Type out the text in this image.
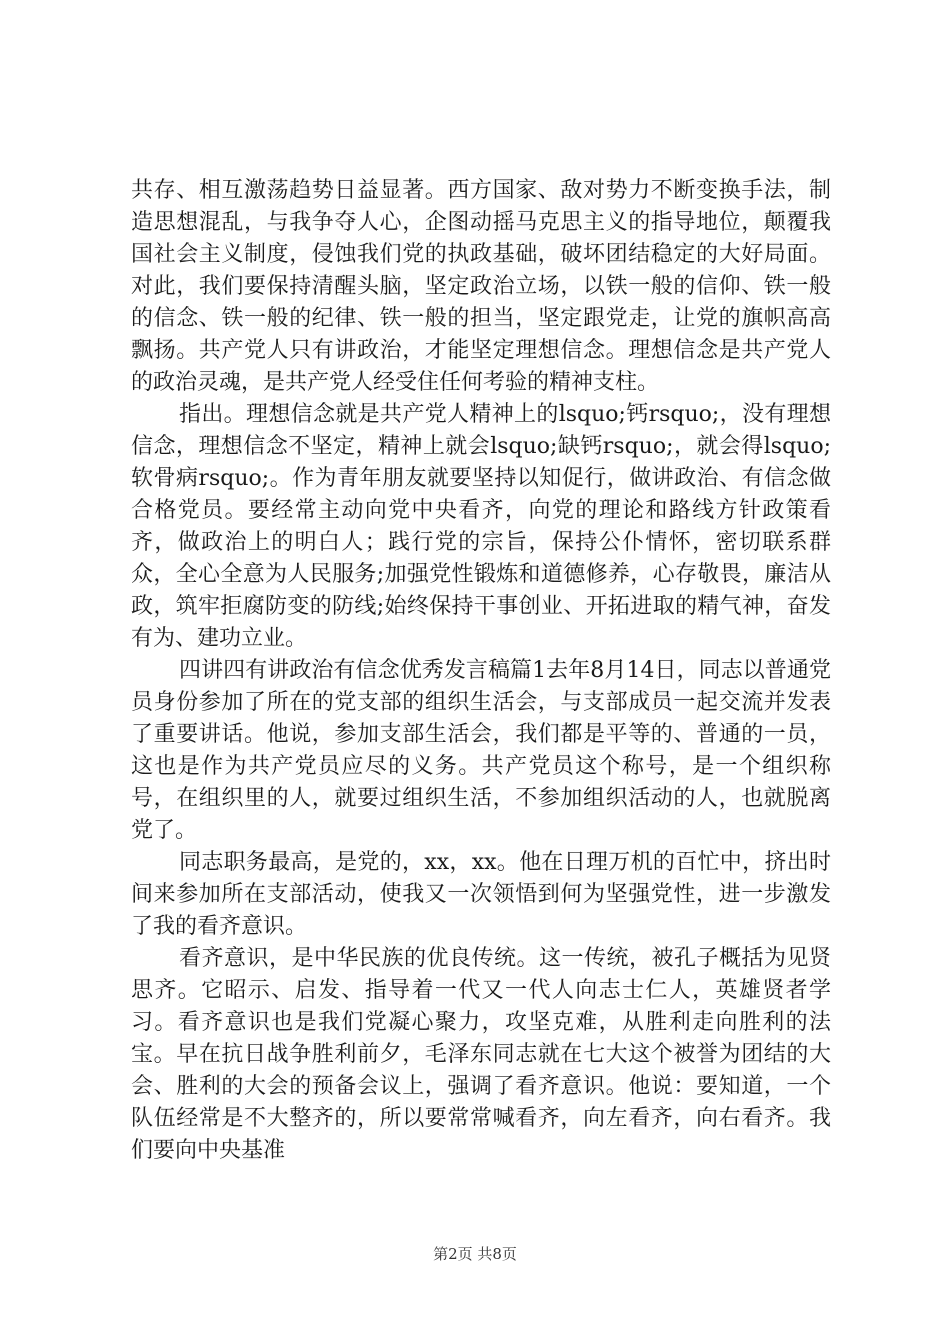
共存、相互激荡趋势日益显著。西方国家、敌对势力不断变换手法，制造思想混乱，与我争夺人心，企图动摇马克思主义的指导地位，颠覆我国社会主义制度，侵蚀我们党的执政基础，破坏团结稳定的大好局面。对此，我们要保持清醒头脑，坚定政治立场，以铁一般的信仰、铁一般的信念、铁一般的纪律、铁一般的担当，坚定跟党走，让党的旗帜高高飘扬。共产党人只有讲政治，才能坚定理想信念。理想信念是共产党人的政治灵魂，是共产党人经受住任何考验的精神支柱。

指出。理想信念就是共产党人精神上的lsquo;钙rsquo;，没有理想信念，理想信念不坚定，精神上就会lsquo;缺钙rsquo;，就会得lsquo;软骨病rsquo;。作为青年朋友就要坚持以知促行，做讲政治、有信念做合格党员。要经常主动向党中央看齐，向党的理论和路线方针政策看齐，做政治上的明白人；践行党的宗旨，保持公仆情怀，密切联系群众，全心全意为人民服务;加强党性锻炼和道德修养，心存敬畏，廉洁从政，筑牢拒腐防变的防线;始终保持干事创业、开拓进取的精气神，奋发有为、建功立业。

四讲四有讲政治有信念优秀发言稿篇1去年8月14日，同志以普通党员身份参加了所在的党支部的组织生活会，与支部成员一起交流并发表了重要讲话。他说，参加支部生活会，我们都是平等的、普通的一员，这也是作为共产党员应尽的义务。共产党员这个称号，是一个组织称号，在组织里的人，就要过组织生活，不参加组织活动的人，也就脱离党了。

同志职务最高，是党的，xx，xx。他在日理万机的百忙中，挤出时间来参加所在支部活动，使我又一次领悟到何为坚强党性，进一步激发了我的看齐意识。

看齐意识，是中华民族的优良传统。这一传统，被孔子概括为见贤思齐。它昭示、启发、指导着一代又一代人向志士仁人，英雄贤者学习。看齐意识也是我们党凝心聚力，攻坚克难，从胜利走向胜利的法宝。早在抗日战争胜利前夕，毛泽东同志就在七大这个被誉为团结的大会、胜利的大会的预备会议上，强调了看齐意识。他说：要知道，一个队伍经常是不大整齐的，所以要常常喊看齐，向左看齐，向右看齐。我们要向中央基准

第2页 共8页
